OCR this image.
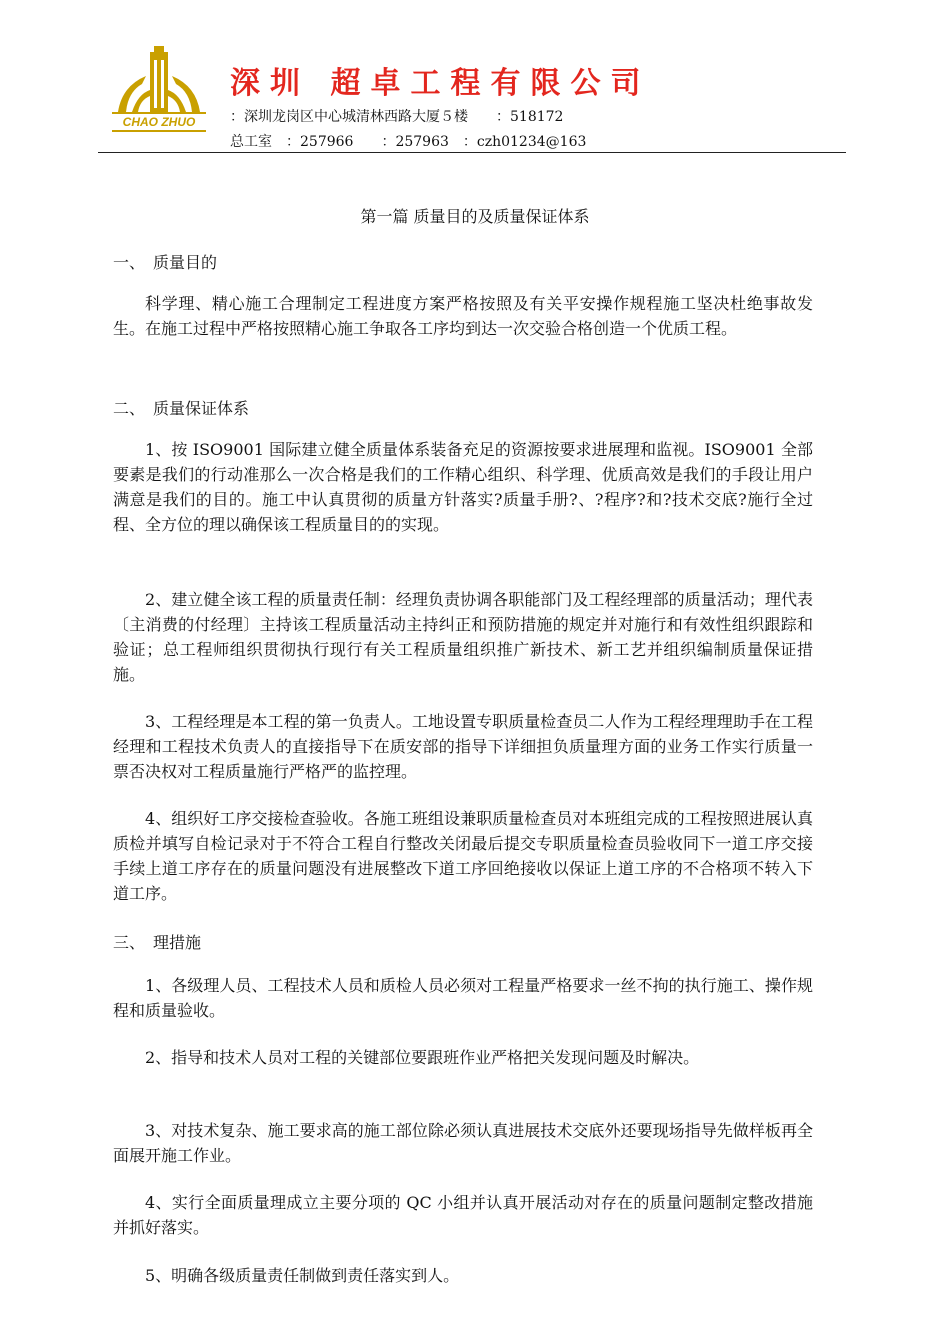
CHAO ZHUO
深圳 超卓工程有限公司
：深圳龙岗区中心城清林西路大厦５楼　　：518172
总工室　：257966　　：257963　：czh01234@163
第一篇 质量目的及质量保证体系
一、　质量目的
科学理、精心施工合理制定工程进度方案严格按照及有关平安操作规程施工坚决杜绝事故发生。在施工过程中严格按照精心施工争取各工序均到达一次交验合格创造一个优质工程。
二、　质量保证体系
1、按 ISO9001 国际建立健全质量体系装备充足的资源按要求进展理和监视。ISO9001 全部要素是我们的行动准那么一次合格是我们的工作精心组织、科学理、优质高效是我们的手段让用户满意是我们的目的。施工中认真贯彻的质量方针落实?质量手册?、?程序?和?技术交底?施行全过程、全方位的理以确保该工程质量目的的实现。
2、建立健全该工程的质量责任制：经理负责协调各职能部门及工程经理部的质量活动；理代表〔主消费的付经理〕主持该工程质量活动主持纠正和预防措施的规定并对施行和有效性组织跟踪和验证；总工程师组织贯彻执行现行有关工程质量组织推广新技术、新工艺并组织编制质量保证措施。
3、工程经理是本工程的第一负责人。工地设置专职质量检查员二人作为工程经理理助手在工程经理和工程技术负责人的直接指导下在质安部的指导下详细担负质量理方面的业务工作实行质量一票否决权对工程质量施行严格严的监控理。
4、组织好工序交接检查验收。各施工班组设兼职质量检查员对本班组完成的工程按照进展认真质检并填写自检记录对于不符合工程自行整改关闭最后提交专职质量检查员验收同下一道工序交接手续上道工序存在的质量问题没有进展整改下道工序回绝接收以保证上道工序的不合格项不转入下道工序。
三、　理措施
1、各级理人员、工程技术人员和质检人员必须对工程量严格要求一丝不拘的执行施工、操作规程和质量验收。
2、指导和技术人员对工程的关键部位要跟班作业严格把关发现问题及时解决。
3、对技术复杂、施工要求高的施工部位除必须认真进展技术交底外还要现场指导先做样板再全面展开施工作业。
4、实行全面质量理成立主要分项的 QC 小组并认真开展活动对存在的质量问题制定整改措施并抓好落实。
5、明确各级质量责任制做到责任落实到人。
